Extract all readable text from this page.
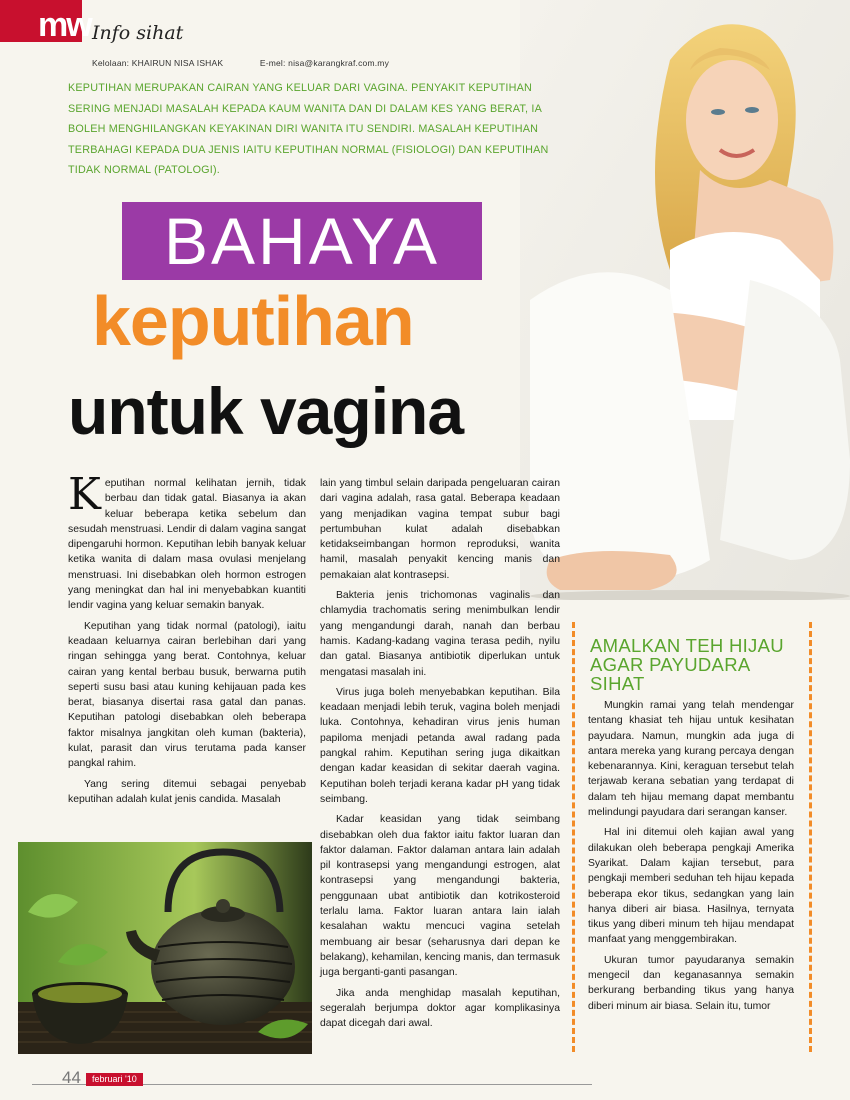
mw Info sihat
Kelolaan: KHAIRUN NISA ISHAK	E-mel: nisa@karangkraf.com.my
KEPUTIHAN MERUPAKAN CAIRAN YANG KELUAR DARI VAGINA. PENYAKIT KEPUTIHAN SERING MENJADI MASALAH KEPADA KAUM WANITA DAN DI DALAM KES YANG BERAT, IA BOLEH MENGHILANGKAN KEYAKINAN DIRI WANITA ITU SENDIRI. MASALAH KEPUTIHAN TERBAHAGI KEPADA DUA JENIS IAITU KEPUTIHAN NORMAL (FISIOLOGI) DAN KEPUTIHAN TIDAK NORMAL (PATOLOGI).
BAHAYA
keputihan
untuk vagina

Keputihan normal kelihatan jernih, tidak berbau dan tidak gatal. Biasanya ia akan keluar beberapa ketika sebelum dan sesudah menstruasi. Lendir di dalam vagina sangat dipengaruhi hormon. Keputihan lebih banyak keluar ketika wanita di dalam masa ovulasi menjelang menstruasi. Ini disebabkan oleh hormon estrogen yang meningkat dan hal ini menyebabkan kuantiti lendir vagina yang keluar semakin banyak.

Keputihan yang tidak normal (patologi), iaitu keadaan keluarnya cairan berlebihan dari yang ringan sehingga yang berat. Contohnya, keluar cairan yang kental berbau busuk, berwarna putih seperti susu basi atau kuning kehijauan pada kes berat, biasanya disertai rasa gatal dan panas. Keputihan patologi disebabkan oleh beberapa faktor misalnya jangkitan oleh kuman (bakteria), kulat, parasit dan virus terutama pada kanser pangkal rahim.

Yang sering ditemui sebagai penyebab keputihan adalah kulat jenis candida. Masalah

lain yang timbul selain daripada pengeluaran cairan dari vagina adalah, rasa gatal. Beberapa keadaan yang menjadikan vagina tempat subur bagi pertumbuhan kulat adalah disebabkan ketidakseimbangan hormon reproduksi, wanita hamil, masalah penyakit kencing manis dan pemakaian alat kontrasepsi.

Bakteria jenis trichomonas vaginalis dan chlamydia trachomatis sering menimbulkan lendir yang mengandungi darah, nanah dan berbau hamis. Kadang-kadang vagina terasa pedih, nyilu dan gatal. Biasanya antibiotik diperlukan untuk mengatasi masalah ini.

Virus juga boleh menyebabkan keputihan. Bila keadaan menjadi lebih teruk, vagina boleh menjadi luka. Contohnya, kehadiran virus jenis human papiloma menjadi petanda awal radang pada pangkal rahim. Keputihan sering juga dikaitkan dengan kadar keasidan di sekitar daerah vagina. Keputihan boleh terjadi kerana kadar pH yang tidak seimbang.

Kadar keasidan yang tidak seimbang disebabkan oleh dua faktor iaitu faktor luaran dan faktor dalaman. Faktor dalaman antara lain adalah pil kontrasepsi yang mengandungi estrogen, alat kontrasepsi yang mengandungi bakteria, penggunaan ubat antibiotik dan kotrikosteroid terlalu lama. Faktor luaran antara lain ialah kesalahan waktu mencuci vagina setelah membuang air besar (seharusnya dari depan ke belakang), kehamilan, kencing manis, dan termasuk juga berganti-ganti pasangan.

Jika anda menghidap masalah keputihan, segeralah berjumpa doktor agar komplikasinya dapat dicegah dari awal.

AMALKAN TEH HIJAU AGAR PAYUDARA SIHAT

Mungkin ramai yang telah mendengar tentang khasiat teh hijau untuk kesihatan payudara. Namun, mungkin ada juga di antara mereka yang kurang percaya dengan kebenarannya. Kini, keraguan tersebut telah terjawab kerana sebatian yang terdapat di dalam teh hijau memang dapat membantu melindungi payudara dari serangan kanser.

Hal ini ditemui oleh kajian awal yang dilakukan oleh beberapa pengkaji Amerika Syarikat. Dalam kajian tersebut, para pengkaji memberi seduhan teh hijau kepada beberapa ekor tikus, sedangkan yang lain hanya diberi air biasa. Hasilnya, ternyata tikus yang diberi minum teh hijau mendapat manfaat yang menggembirakan.

Ukuran tumor payudaranya semakin mengecil dan keganasannya semakin berkurang berbanding tikus yang hanya diberi minum air biasa. Selain itu, tumor

44	februari '10
